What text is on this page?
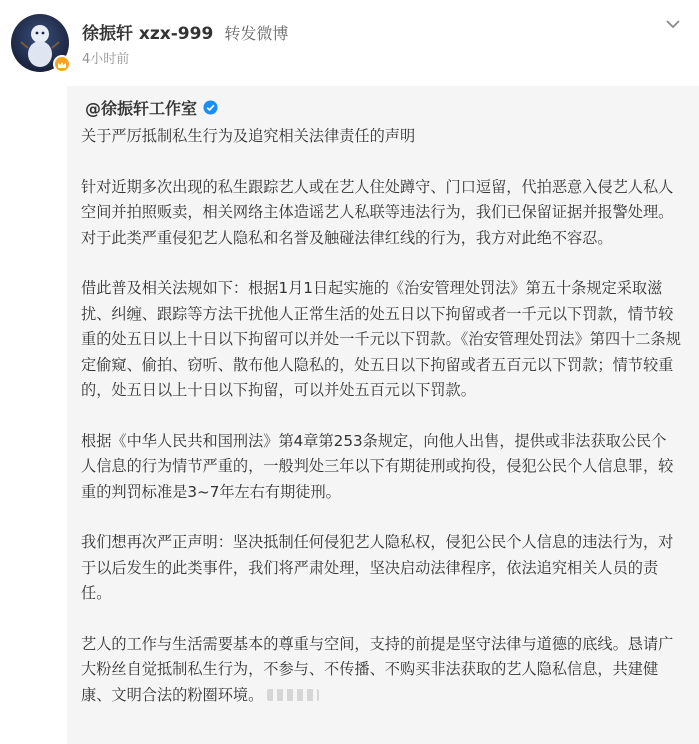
徐振轩 xzx-999 转发微博
4小时前
@徐振轩工作室

关于严厉抵制私生行为及追究相关法律责任的声明

针对近期多次出现的私生跟踪艺人或在艺人住处蹲守、门口逗留，代拍恶意入侵艺人私人空间并拍照贩卖，相关网络主体造谣艺人私联等违法行为，我们已保留证据并报警处理。对于此类严重侵犯艺人隐私和名誉及触碰法律红线的行为，我方对此绝不容忍。

借此普及相关法规如下：根据1月1日起实施的《治安管理处罚法》第五十条规定采取滋扰、纠缠、跟踪等方法干扰他人正常生活的处五日以下拘留或者一千元以下罚款，情节较重的处五日以上十日以下拘留可以并处一千元以下罚款。《治安管理处罚法》第四十二条规定偷窥、偷拍、窃听、散布他人隐私的，处五日以下拘留或者五百元以下罚款；情节较重的，处五日以上十日以下拘留，可以并处五百元以下罚款。

根据《中华人民共和国刑法》第4章第253条规定，向他人出售，提供或非法获取公民个人信息的行为情节严重的，一般判处三年以下有期徒刑或拘役，侵犯公民个人信息罪，较重的判罚标准是3~7年左右有期徒刑。

我们想再次严正声明：坚决抵制任何侵犯艺人隐私权，侵犯公民个人信息的违法行为，对于以后发生的此类事件，我们将严肃处理，坚决启动法律程序，依法追究相关人员的责任。

艺人的工作与生活需要基本的尊重与空间，支持的前提是坚守法律与道德的底线。恳请广大粉丝自觉抵制私生行为，不参与、不传播、不购买非法获取的艺人隐私信息，共建健康、文明合法的粉圈环境。
